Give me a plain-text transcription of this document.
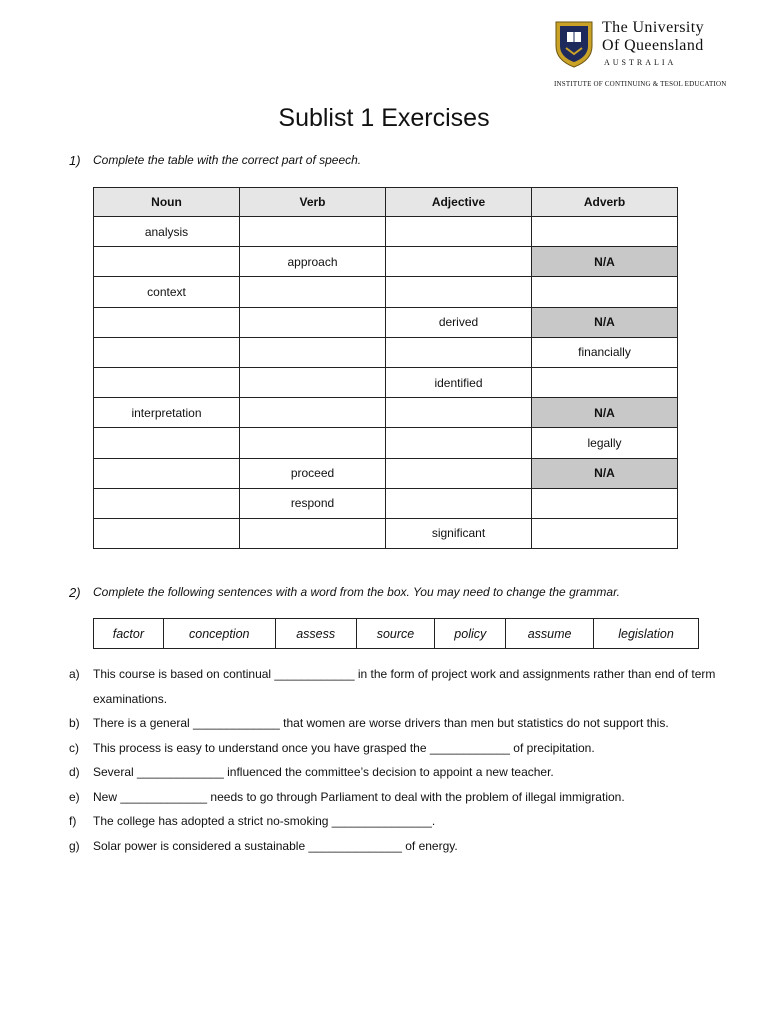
The University
Of Queensland
AUSTRALIA
INSTITUTE OF CONTINUING & TESOL EDUCATION
Sublist 1 Exercises
1) Complete the table with the correct part of speech.
Noun	Verb	Adjective	Adverb
analysis			
	approach		N/A
context			
		derived	N/A
			financially
		identified	
interpretation			N/A
			legally
	proceed		N/A
	respond		
		significant	
2) Complete the following sentences with a word from the box. You may need to change the grammar.
factor	conception	assess	source	policy	assume	legislation
a) This course is based on continual ____________ in the form of project work and assignments rather than end of term examinations.
b) There is a general _____________ that women are worse drivers than men but statistics do not support this.
c) This process is easy to understand once you have grasped the ____________ of precipitation.
d) Several _____________ influenced the committee’s decision to appoint a new teacher.
e) New _____________ needs to go through Parliament to deal with the problem of illegal immigration.
f) The college has adopted a strict no-smoking _______________.
g) Solar power is considered a sustainable ______________ of energy.
